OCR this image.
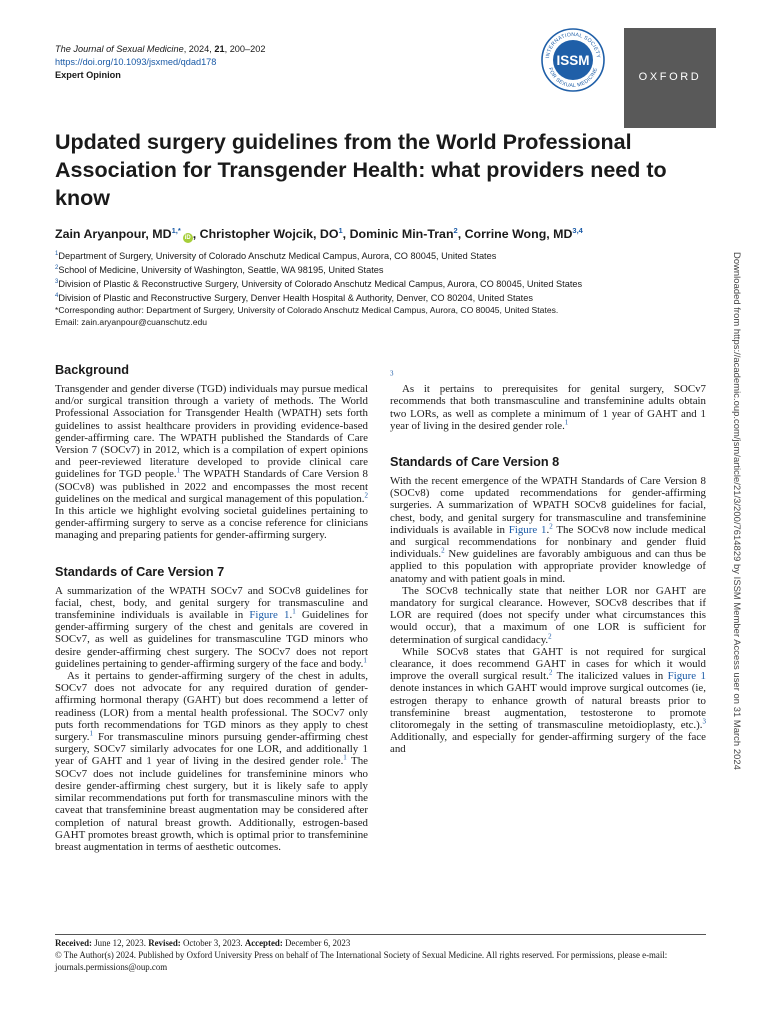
The Journal of Sexual Medicine, 2024, 21, 200–202
https://doi.org/10.1093/jsxmed/qdad178
Expert Opinion
INTERNATIONAL SOCIETY
FOR SEXUAL MEDICINE
ISSM
OXFORD
Updated surgery guidelines from the World Professional Association for Transgender Health: what providers need to know
Zain Aryanpour, $MD^{1,*}iD$ , Christopher Wojcik, $DO^1$, Dominic Min-Tran$^2$, Corrine Wong, MD$^{3,4}$
$^1$Department of Surgery, University of Colorado Anschutz Medical Campus, Aurora, CO 80045, United States
$^2$School of Medicine, University of Washington, Seattle, WA 98195, United States
$^3$Division of Plastic & Reconstructive Surgery, University of Colorado Anschutz Medical Campus, Aurora, CO 80045, United States
$^4$Division of Plastic and Reconstructive Surgery, Denver Health Hospital & Authority, Denver, CO 80204, United States
*Corresponding author: Department of Surgery, University of Colorado Anschutz Medical Campus, Aurora, CO 80045, United States.
Email: zain.aryanpour@cuanschutz.edu
Background

Transgender and gender diverse (TGD) individuals may pursue medical and/or surgical transition through a variety of methods. The World Professional Association for Transgender Health (WPATH) sets forth guidelines to assist healthcare providers in providing evidence-based gender-affirming care. The WPATH published the Standards of Care Version 7 (SOCv7) in 2012, which is a compilation of expert opinions and peer-reviewed literature developed to provide clinical care guidelines for TGD people.$^1$ The WPATH Standards of Care Version 8 (SOCv8) was published in 2022 and encompasses the most recent guidelines on the medical and surgical management of this population.$^2$ In this article we highlight evolving societal guidelines pertaining to gender-affirming surgery to serve as a concise reference for clinicians managing and preparing patients for gender-affirming surgery.

Standards of Care Version 7

A summarization of the WPATH SOCv7 and SOCv8 guidelines for facial, chest, body, and genital surgery for transmasculine and transfeminine individuals is available in Figure 1.$^1$ Guidelines for gender-affirming surgery of the chest and genitals are covered in SOCv7, as well as guidelines for transmasculine TGD minors who desire gender-affirming chest surgery. The SOCv7 does not report guidelines pertaining to gender-affirming surgery of the face and body.$^1$

As it pertains to gender-affirming surgery of the chest in adults, SOCv7 does not advocate for any required duration of gender-affirming hormonal therapy (GAHT) but does recommend a letter of readiness (LOR) from a mental health professional. The SOCv7 only puts forth recommendations for TGD minors as they apply to chest surgery.$^1$ For transmasculine minors pursuing gender-affirming chest surgery, SOCv7 similarly advocates for one LOR, and additionally 1 year of GAHT and 1 year of living in the desired gender role.$^1$ The SOCv7 does not include guidelines for transfeminine minors who desire gender-affirming chest surgery, but it is likely safe to apply similar recommendations put forth for transmasculine minors with the caveat that transfeminine breast augmentation may be considered after completion of natural breast growth. Additionally, estrogen-based GAHT promotes breast growth, which is optimal prior to transfeminine breast augmentation in terms of aesthetic outcomes.

$^3$

As it pertains to prerequisites for genital surgery, SOCv7 recommends that both transmasculine and transfeminine adults obtain two LORs, as well as complete a minimum of 1 year of GAHT and 1 year of living in the desired gender role.$^1$

Standards of Care Version 8

With the recent emergence of the WPATH Standards of Care Version 8 (SOCv8) come updated recommendations for gender-affirming surgeries. A summarization of WPATH SOCv8 guidelines for facial, chest, body, and genital surgery for transmasculine and transfeminine individuals is available in Figure 1.$^2$ The SOCv8 now include medical and surgical recommendations for nonbinary and gender fluid individuals.$^2$ New guidelines are favorably ambiguous and can thus be applied to this population with appropriate provider knowledge of anatomy and with patient goals in mind.

The SOCv8 technically state that neither LOR nor GAHT are mandatory for surgical clearance. However, SOCv8 describes that if LOR are required (does not specify under what circumstances this would occur), that a maximum of one LOR is sufficient for determination of surgical candidacy.$^2$

While SOCv8 states that GAHT is not required for surgical clearance, it does recommend GAHT in cases for which it would improve the overall surgical result.$^2$ The italicized values in Figure 1 denote instances in which GAHT would improve surgical outcomes (ie, estrogen therapy to enhance growth of natural breasts prior to transfeminine breast augmentation, testosterone to promote clitoromegaly in the setting of transmasculine metoidioplasty, etc.).$^3$ Additionally, and especially for gender-affirming surgery of the face and	Downloaded from https://academic.oup.com/jsm/article/21/3/200/7614829 by ISSM Member Access user on 31 March 2024
Received: June 12, 2023. Revised: October 3, 2023. Accepted: December 6, 2023
© The Author(s) 2024. Published by Oxford University Press on behalf of The International Society of Sexual Medicine. All rights reserved. For permissions, please e-mail: journals.permissions@oup.com
